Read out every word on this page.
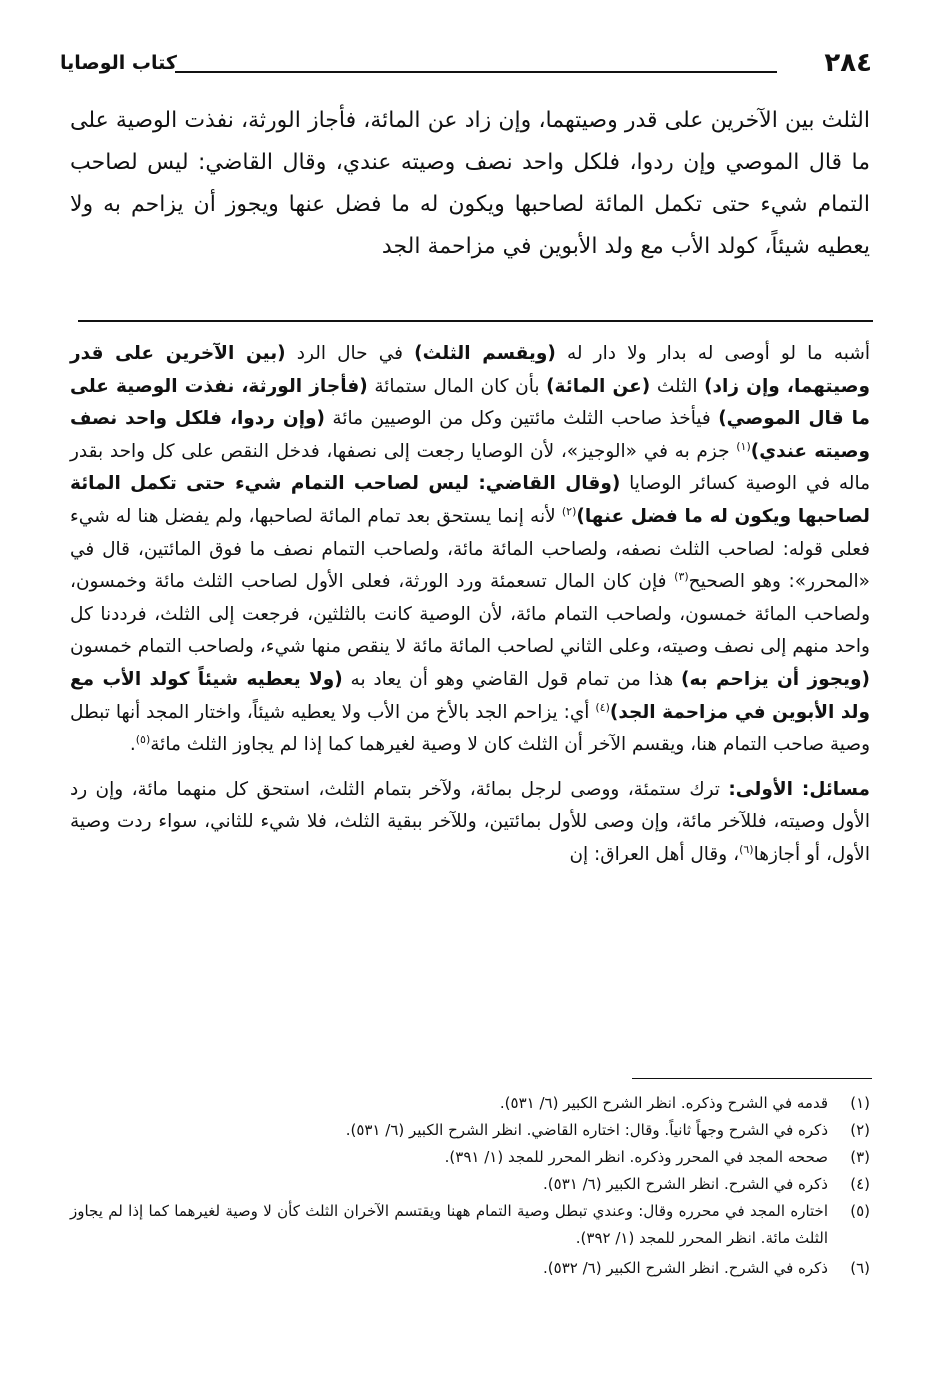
٢٨٤
كتاب الوصايا
الثلث بين الآخرين على قدر وصيتهما، وإن زاد عن المائة، فأجاز الورثة، نفذت الوصية على ما قال الموصي وإن ردوا، فلكل واحد نصف وصيته عندي، وقال القاضي: ليس لصاحب التمام شيء حتى تكمل المائة لصاحبها ويكون له ما فضل عنها ويجوز أن يزاحم به ولا يعطيه شيئاً، كولد الأب مع ولد الأبوين في مزاحمة الجد

أشبه ما لو أوصى له بدار ولا دار له (ويقسم الثلث) في حال الرد (بين الآخرين على قدر وصيتهما، وإن زاد) الثلث (عن المائة) بأن كان المال ستمائة (فأجاز الورثة، نفذت الوصية على ما قال الموصي) فيأخذ صاحب الثلث مائتين وكل من الوصيين مائة (وإن ردوا، فلكل واحد نصف وصيته عندي)$^{(١)}$ جزم به في «الوجيز»، لأن الوصايا رجعت إلى نصفها، فدخل النقص على كل واحد بقدر ماله في الوصية كسائر الوصايا (وقال القاضي: ليس لصاحب التمام شيء حتى تكمل المائة لصاحبها ويكون له ما فضل عنها)$^{(٢)}$ لأنه إنما يستحق بعد تمام المائة لصاحبها، ولم يفضل هنا له شيء فعلى قوله: لصاحب الثلث نصفه، ولصاحب المائة مائة، ولصاحب التمام نصف ما فوق المائتين، قال في «المحرر»: وهو الصحيح$^{(٣)}$ فإن كان المال تسعمئة ورد الورثة، فعلى الأول لصاحب الثلث مائة وخمسون، ولصاحب المائة خمسون، ولصاحب التمام مائة، لأن الوصية كانت بالثلثين، فرجعت إلى الثلث، فرددنا كل واحد منهم إلى نصف وصيته، وعلى الثاني لصاحب المائة مائة لا ينقص منها شيء، ولصاحب التمام خمسون (ويجوز أن يزاحم به) هذا من تمام قول القاضي وهو أن يعاد به (ولا يعطيه شيئاً كولد الأب مع ولد الأبوين في مزاحمة الجد)$^{(٤)}$ أي: يزاحم الجد بالأخ من الأب ولا يعطيه شيئاً، واختار المجد أنها تبطل وصية صاحب التمام هنا، ويقسم الآخر أن الثلث كان لا وصية لغيرهما كما إذا لم يجاوز الثلث مائة$^{(٥)}$.

مسائل: الأولى: ترك ستمئة، ووصى لرجل بمائة، ولآخر بتمام الثلث، استحق كل منهما مائة، وإن رد الأول وصيته، فللآخر مائة، وإن وصى للأول بمائتين، وللآخر ببقية الثلث، فلا شيء للثاني، سواء ردت وصية الأول، أو أجازها$^{(٦)}$، وقال أهل العراق: إن

(١)
قدمه في الشرح وذكره. انظر الشرح الكبير (٦/ ٥٣١).
(٢)
ذكره في الشرح وجهاً ثانياً. وقال: اختاره القاضي. انظر الشرح الكبير (٦/ ٥٣١).
(٣)
صححه المجد في المحرر وذكره. انظر المحرر للمجد (١/ ٣٩١).
(٤)
ذكره في الشرح. انظر الشرح الكبير (٦/ ٥٣١).
(٥)
اختاره المجد في محرره وقال: وعندي تبطل وصية التمام ههنا ويقتسم الآخران الثلث كأن لا وصية لغيرهما كما إذا لم يجاوز الثلث مائة. انظر المحرر للمجد (١/ ٣٩٢).
(٦)
ذكره في الشرح. انظر الشرح الكبير (٦/ ٥٣٢).
